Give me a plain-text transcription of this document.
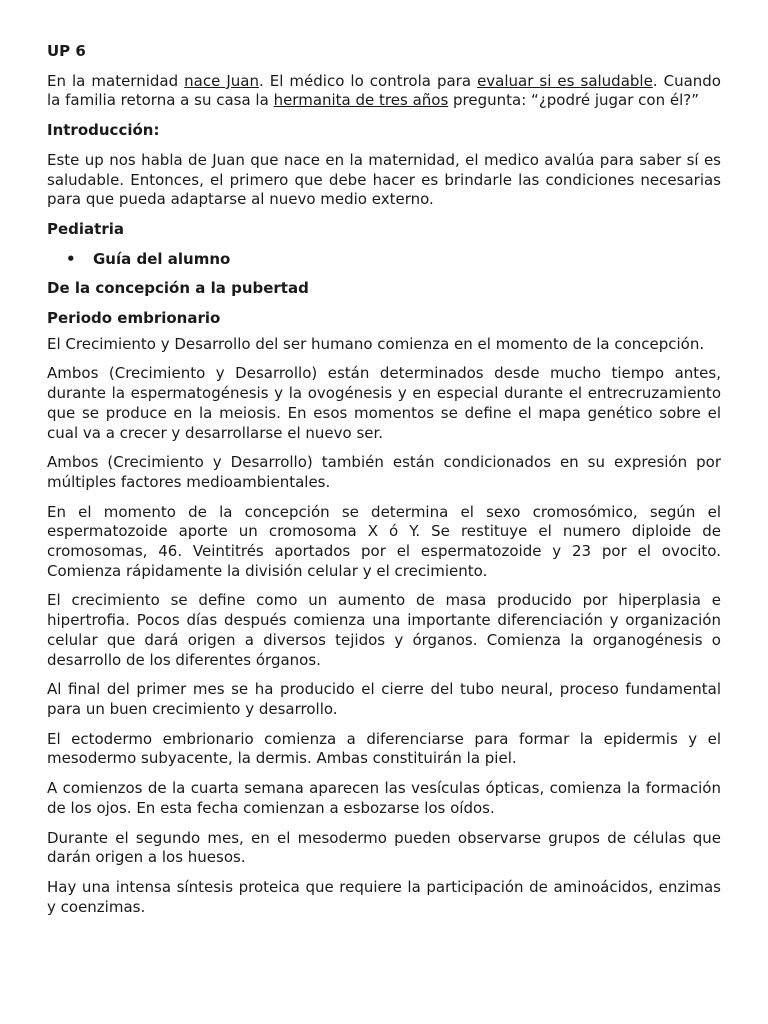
UP 6

En la maternidad nace Juan. El médico lo controla para evaluar si es saludable. Cuando la familia retorna a su casa la hermanita de tres años pregunta: “¿podré jugar con él?”

Introducción:

Este up nos habla de Juan que nace en la maternidad, el medico avalúa para saber sí es saludable. Entonces, el primero que debe hacer es brindarle las condiciones necesarias para que pueda adaptarse al nuevo medio externo.

Pediatria

• Guía del alumno

De la concepción a la pubertad

Periodo embrionario

El Crecimiento y Desarrollo del ser humano comienza en el momento de la concepción.

Ambos (Crecimiento y Desarrollo) están determinados desde mucho tiempo antes, durante la espermatogénesis y la ovogénesis y en especial durante el entrecruzamiento que se produce en la meiosis. En esos momentos se define el mapa genético sobre el cual va a crecer y desarrollarse el nuevo ser.

Ambos (Crecimiento y Desarrollo) también están condicionados en su expresión por múltiples factores medioambientales.

En el momento de la concepción se determina el sexo cromosómico, según el espermatozoide aporte un cromosoma X ó Y. Se restituye el numero diploide de cromosomas, 46. Veintitrés aportados por el espermatozoide y 23 por el ovocito. Comienza rápidamente la división celular y el crecimiento.

El crecimiento se define como un aumento de masa producido por hiperplasia e hipertrofia. Pocos días después comienza una importante diferenciación y organización celular que dará origen a diversos tejidos y órganos. Comienza la organogénesis o desarrollo de los diferentes órganos.

Al final del primer mes se ha producido el cierre del tubo neural, proceso fundamental para un buen crecimiento y desarrollo.

El ectodermo embrionario comienza a diferenciarse para formar la epidermis y el mesodermo subyacente, la dermis. Ambas constituirán la piel.

A comienzos de la cuarta semana aparecen las vesículas ópticas, comienza la formación de los ojos. En esta fecha comienzan a esbozarse los oídos.

Durante el segundo mes, en el mesodermo pueden observarse grupos de células que darán origen a los huesos.

Hay una intensa síntesis proteica que requiere la participación de aminoácidos, enzimas y coenzimas.
